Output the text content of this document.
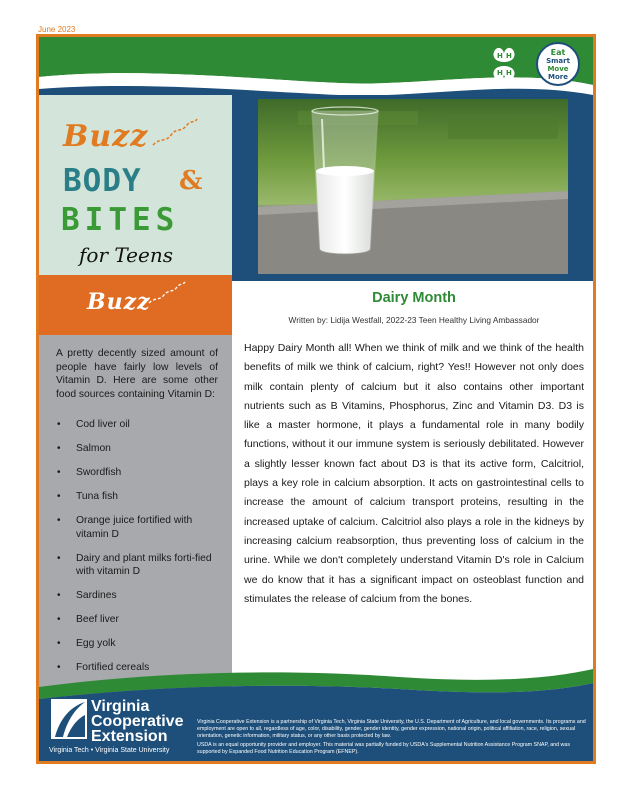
June 2023
H H
H H
Eat
Smart
Move
More
Buzz
BODY &
BITES
for Teens
Buzz
A pretty decently sized amount of people have fairly low levels of Vitamin D. Here are some other food sources containing Vitamin D:
• Cod liver oil
• Salmon
• Swordfish
• Tuna fish
• Orange juice fortified with vitamin D
• Dairy and plant milks forti-fied with vitamin D
• Sardines
• Beef liver
• Egg yolk
• Fortified cereals
Dairy Month
Written by: Lidija Westfall, 2022-23 Teen Healthy Living Ambassador
Happy Dairy Month all! When we think of milk and we think of the health benefits of milk we think of calcium, right? Yes!! However not only does milk contain plenty of calcium but it also contains other important nutrients such as B Vitamins, Phosphorus, Zinc and Vitamin D3. D3 is like a master hormone, it plays a fundamental role in many bodily functions, without it our immune system is seriously debilitated. However a slightly lesser known fact about D3 is that its active form, Calcitriol, plays a key role in calcium absorption. It acts on gastrointestinal cells to increase the amount of calcium transport proteins, resulting in the increased uptake of calcium. Calcitriol also plays a role in the kidneys by increasing calcium reabsorption, thus preventing loss of calcium in the urine. While we don't completely understand Vitamin D's role in Calcium we do know that it has a significant impact on osteoblast function and stimulates the release of calcium from the bones.
Virginia
Cooperative
Extension
Virginia Tech • Virginia State University

Virginia Cooperative Extension is a partnership of Virginia Tech, Virginia State University, the U.S. Department of Agriculture, and local governments. Its programs and employment are open to all, regardless of age, color, disability, gender, gender identity, gender expression, national origin, political affiliation, race, religion, sexual orientation, genetic information, military status, or any other basis protected by law.

USDA is an equal opportunity provider and employer. This material was partially funded by USDA's Supplemental Nutrition Assistance Program SNAP, and was supported by Expanded Food Nutrition Education Program (EFNEP).
